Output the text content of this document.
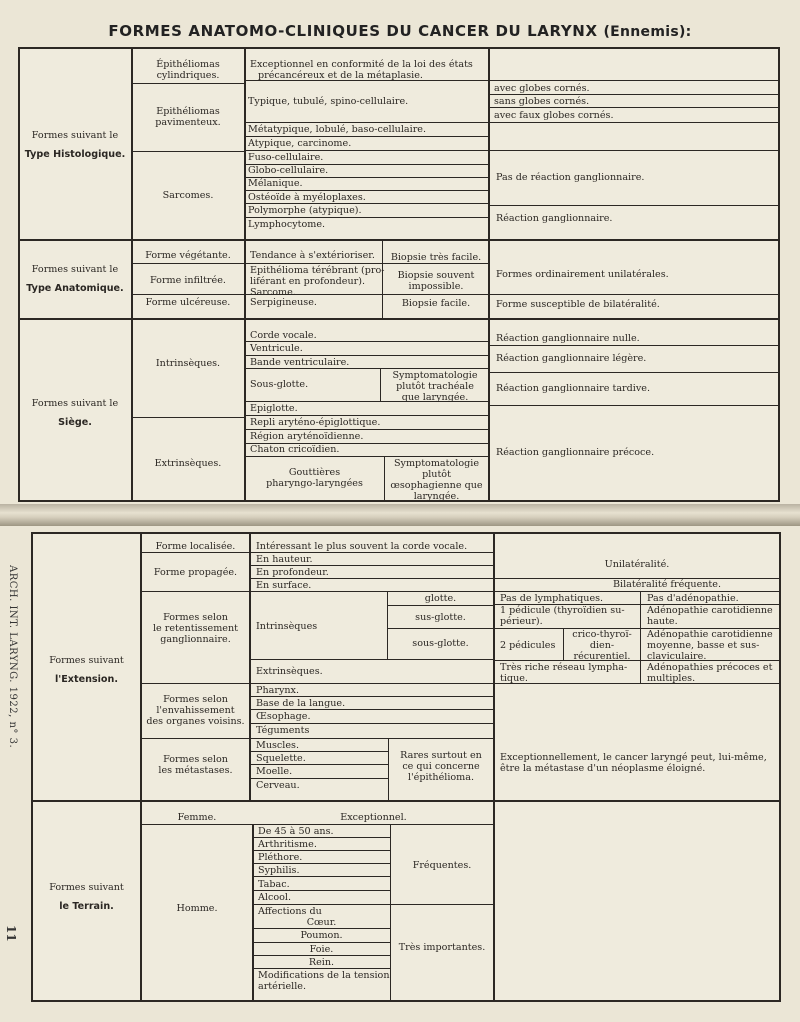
FORMES ANATOMO-CLINIQUES DU CANCER DU LARYNX (Ennemis):
Formes suivant le
Type Histologique.
Épithéliomas cylindriques.
Exceptionnel en conformité de la loi des états
précancéreux et de la métaplasie.
Epithéliomas
pavimenteux.
Typique, tubulé, spino-cellulaire.
Métatypique, lobulé, baso-cellulaire.
Atypique, carcinome.
avec globes cornés.
sans globes cornés.
avec faux globes cornés.
Sarcomes.
Fuso-cellulaire.
Globo-cellulaire.
Mélanique.
Ostéoïde à myéloplaxes.
Polymorphe (atypique).
Lymphocytome.
Pas de réaction ganglionnaire.
Réaction ganglionnaire.
Formes suivant le
Type Anatomique.
Forme végétante.
Forme infiltrée.
Forme ulcéreuse.
Tendance à s'extérioriser.
Epithélioma térébrant (pro-
liférant en profondeur).
Sarcome.
Serpigineuse.
Biopsie très facile.
Biopsie souvent
impossible.
Biopsie facile.
Formes ordinairement unilatérales.
Forme susceptible de bilatéralité.
Formes suivant le
Siège.
Intrinsèques.
Extrinsèques.
Corde vocale.
Ventricule.
Bande ventriculaire.
Sous-glotte.
Symptomatologie
plutôt trachéale
que laryngée.
Epiglotte.
Repli aryténo-épiglottique.
Région aryténoïdienne.
Chaton cricoïdien.
Gouttières
pharyngo-laryngées
Symptomatologie
plutôt
œsophagienne que
laryngée.
Réaction ganglionnaire nulle.
Réaction ganglionnaire légère.
Réaction ganglionnaire tardive.
Réaction ganglionnaire précoce.
ARCH. INT. LARYNG. 1922, n° 3.
11
Formes suivant
l'Extension.
Forme localisée.	Intéressant le plus souvent la corde vocale.
Forme propagée.
En hauteur.
En profondeur.
En surface.
Unilatéralité.
Bilatéralité fréquente.
Formes selon
le retentissement
ganglionnaire.
Intrinsèques
glotte.
sus-glotte.
sous-glotte.
Pas de lymphatiques.
1 pédicule (thyroïdien su-
périeur).
2 pédicules
crico-thyroï-
dien-
récurentiel.
Très riche réseau lympha-
tique.
Pas d'adénopathie.
Adénopathie carotidienne
haute.
Adénopathie carotidienne
moyenne, basse et sus-
claviculaire.
Adénopathies précoces et
multiples.
Extrinsèques.
Formes selon
l'envahissement
des organes voisins.
Pharynx.
Base de la langue.
Œsophage.
Téguments
Formes selon
les métastases.
Muscles.
Squelette.
Moelle.
Cerveau.
Rares surtout en
ce qui concerne
l'épithélioma.
Exceptionnellement, le cancer laryngé peut, lui-même,
être la métastase d'un néoplasme éloigné.
Formes suivant
le Terrain.
Femme.	Exceptionnel.
Homme.
De 45 à 50 ans.
Arthritisme.
Pléthore.
Syphilis.
Tabac.
Alcool.
Fréquentes.
Affections du
Cœur.
Poumon.
Foie.
Rein.
Modifications de la tension
artérielle.
Très importantes.
